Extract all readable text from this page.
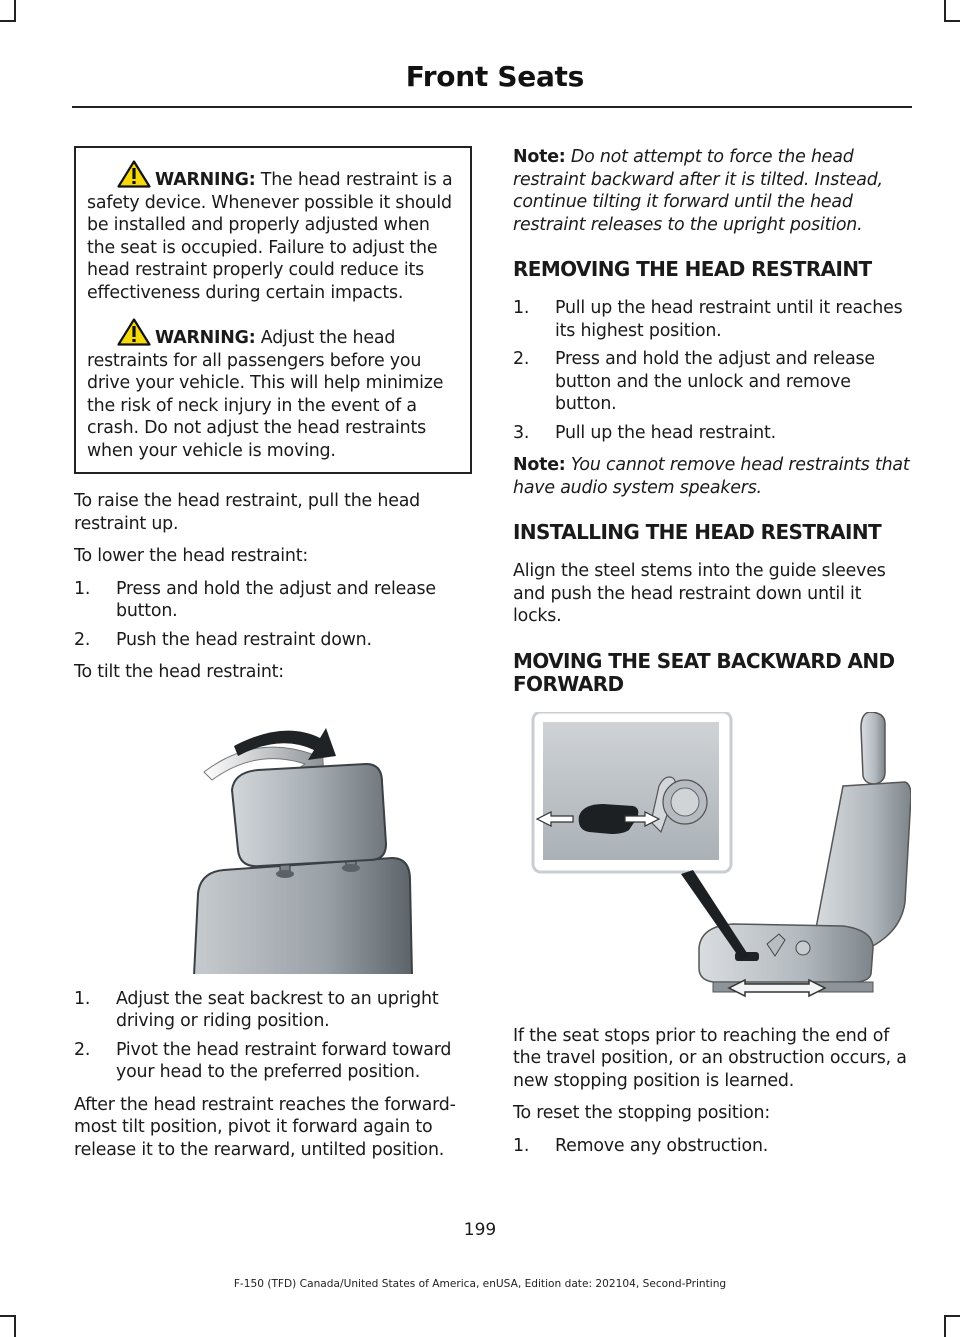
Front Seats

WARNING: The head restraint is a safety device. Whenever possible it should be installed and properly adjusted when the seat is occupied. Failure to adjust the head restraint properly could reduce its effectiveness during certain impacts.

WARNING: Adjust the head restraints for all passengers before you drive your vehicle. This will help minimize the risk of neck injury in the event of a crash. Do not adjust the head restraints when your vehicle is moving.

To raise the head restraint, pull the head restraint up.

To lower the head restraint:

1. Press and hold the adjust and release button.
2. Push the head restraint down.

To tilt the head restraint:

1. Adjust the seat backrest to an upright driving or riding position.
2. Pivot the head restraint forward toward your head to the preferred position.

After the head restraint reaches the forward-most tilt position, pivot it forward again to release it to the rearward, untilted position.

Note: Do not attempt to force the head restraint backward after it is tilted. Instead, continue tilting it forward until the head restraint releases to the upright position.

REMOVING THE HEAD RESTRAINT
1. Pull up the head restraint until it reaches its highest position.
2. Press and hold the adjust and release button and the unlock and remove button.
3. Pull up the head restraint.

Note: You cannot remove head restraints that have audio system speakers.

INSTALLING THE HEAD RESTRAINT

Align the steel stems into the guide sleeves and push the head restraint down until it locks.

MOVING THE SEAT BACKWARD AND FORWARD

If the seat stops prior to reaching the end of the travel position, or an obstruction occurs, a new stopping position is learned.

To reset the stopping position:

1. Remove any obstruction.
199
F-150 (TFD) Canada/United States of America, enUSA, Edition date: 202104, Second-Printing
